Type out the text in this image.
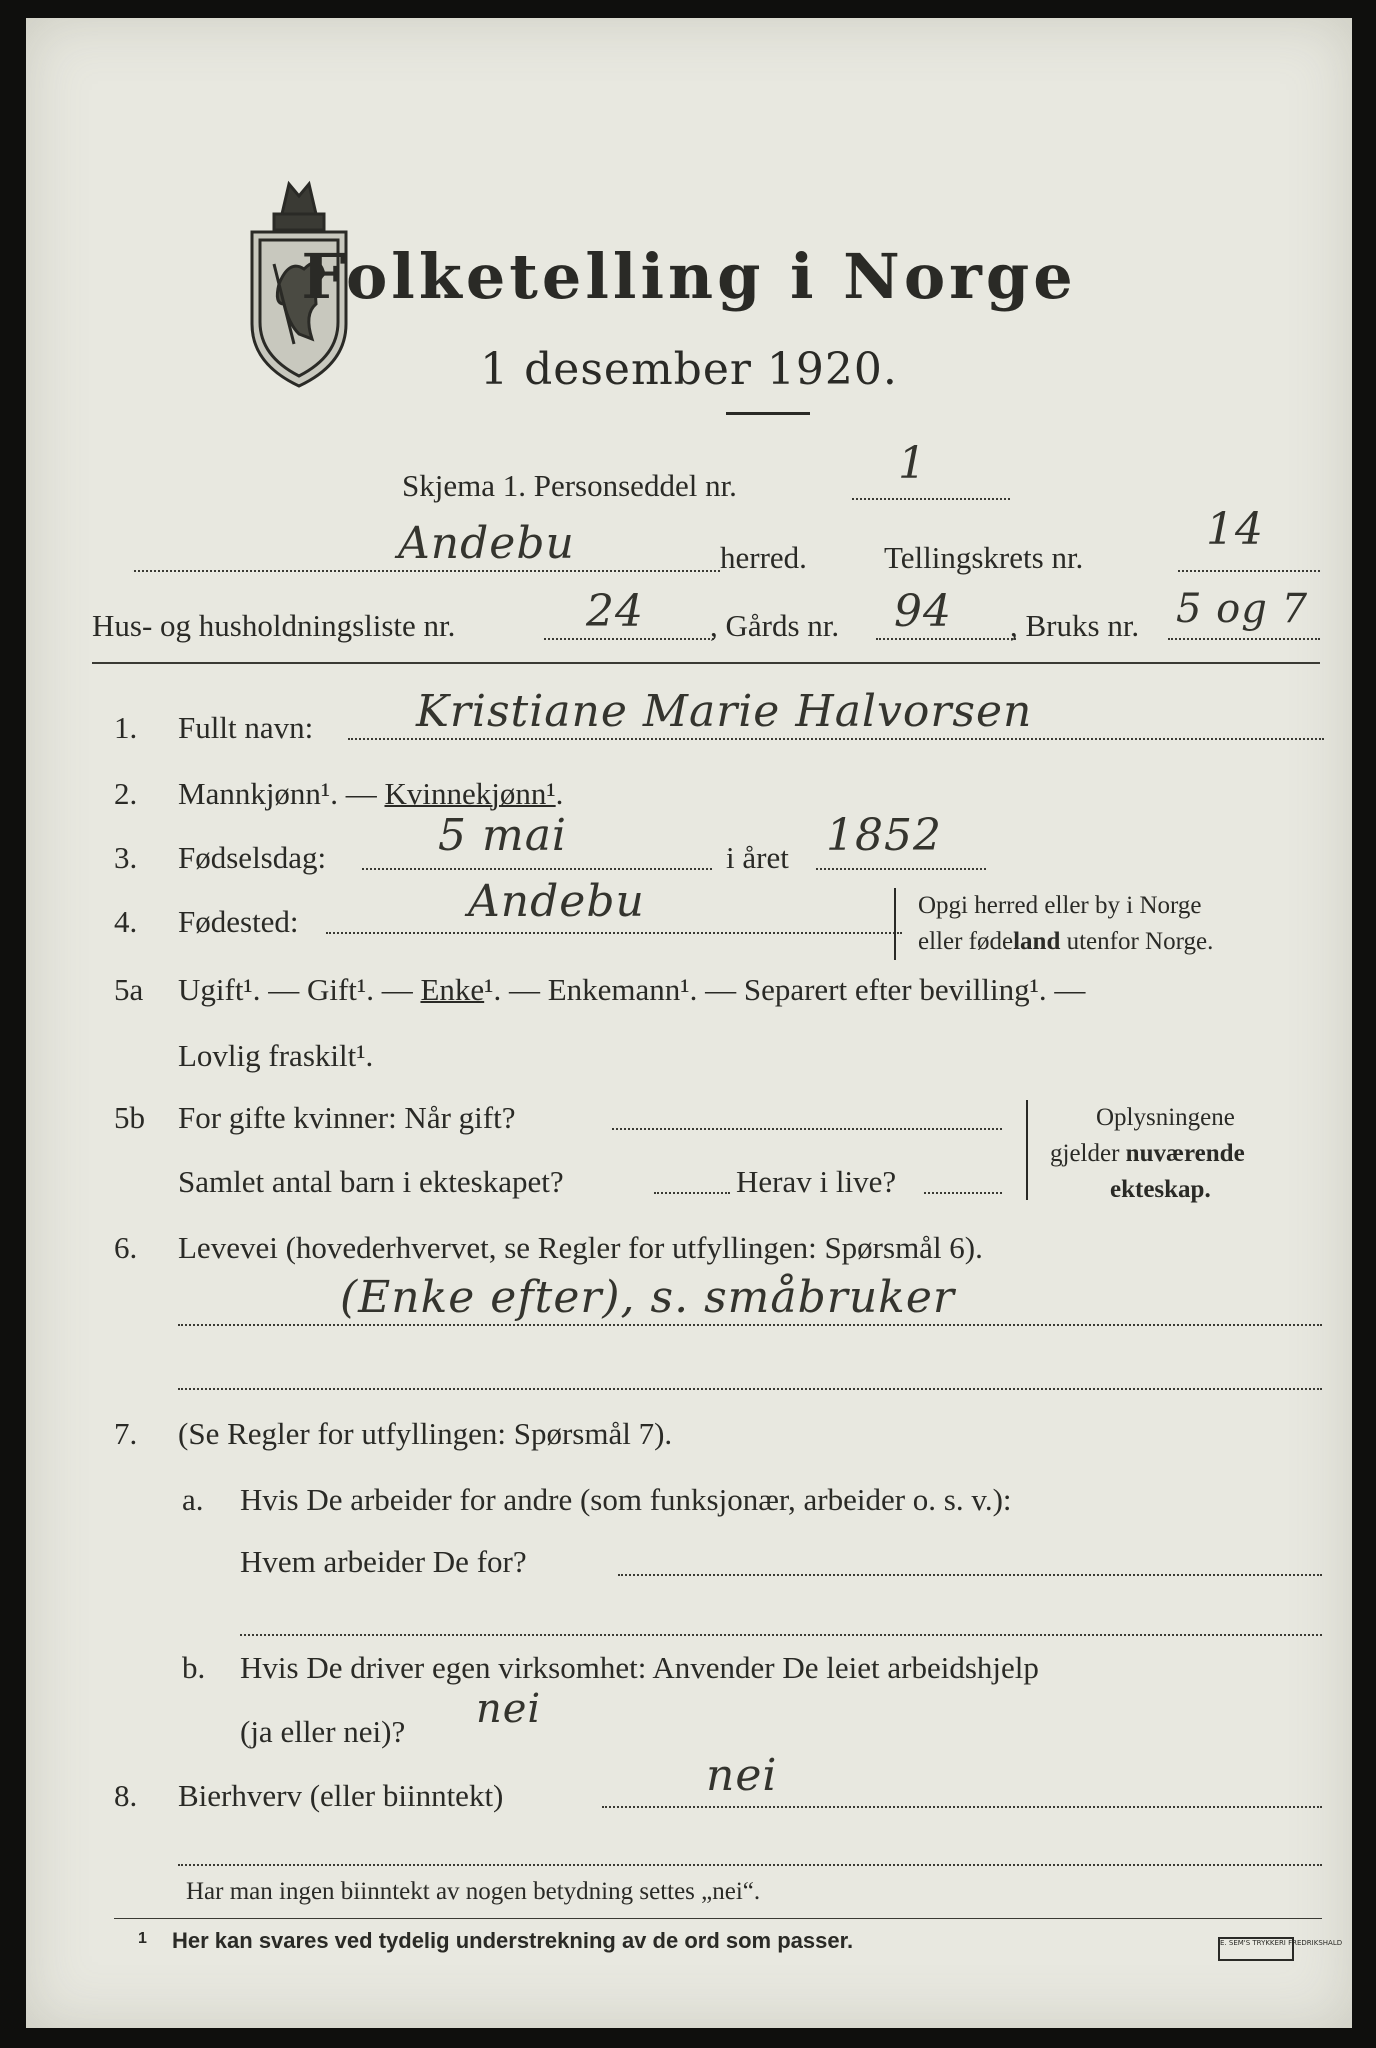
Folketelling i Norge
1 desember 1920.
Skjema 1. Personseddel nr.	1
Andebu	herred. Tellingskrets nr.
14
Hus- og husholdningsliste nr.	24 , Gårds nr. 94 , Bruks nr. 5 og 7
1. Fullt navn: Kristiane Marie Halvorsen
2. Mannkjønn¹. — Kvinnekjønn¹.
3. Fødselsdag:	5 mai	i året 1852
4. Fødested:	Andebu	Opgi herred eller by i Norge
eller fødeland utenfor Norge.
5a Ugift¹. — Gift¹. — Enke¹. — Enkemann¹. — Separert efter bevilling¹. —
Lovlig fraskilt¹.
5b For gifte kvinner: Når gift?
Samlet antal barn i ekteskapet?	Herav i live?
Oplysningene
gjelder nuværende
ekteskap.
6. Levevei (hovederhvervet, se Regler for utfyllingen: Spørsmål 6).
(Enke efter), s. småbruker
7. (Se Regler for utfyllingen: Spørsmål 7).
a. Hvis De arbeider for andre (som funksjonær, arbeider o. s. v.):
Hvem arbeider De for?
b. Hvis De driver egen virksomhet: Anvender De leiet arbeidshjelp
(ja eller nei)? nei
8. Bierhverv (eller biinntekt)	nei
Har man ingen biinntekt av nogen betydning settes „nei“.
1 Her kan svares ved tydelig understrekning av de ord som passer.	E. SEM'S TRYKKERI FREDRIKSHALD
